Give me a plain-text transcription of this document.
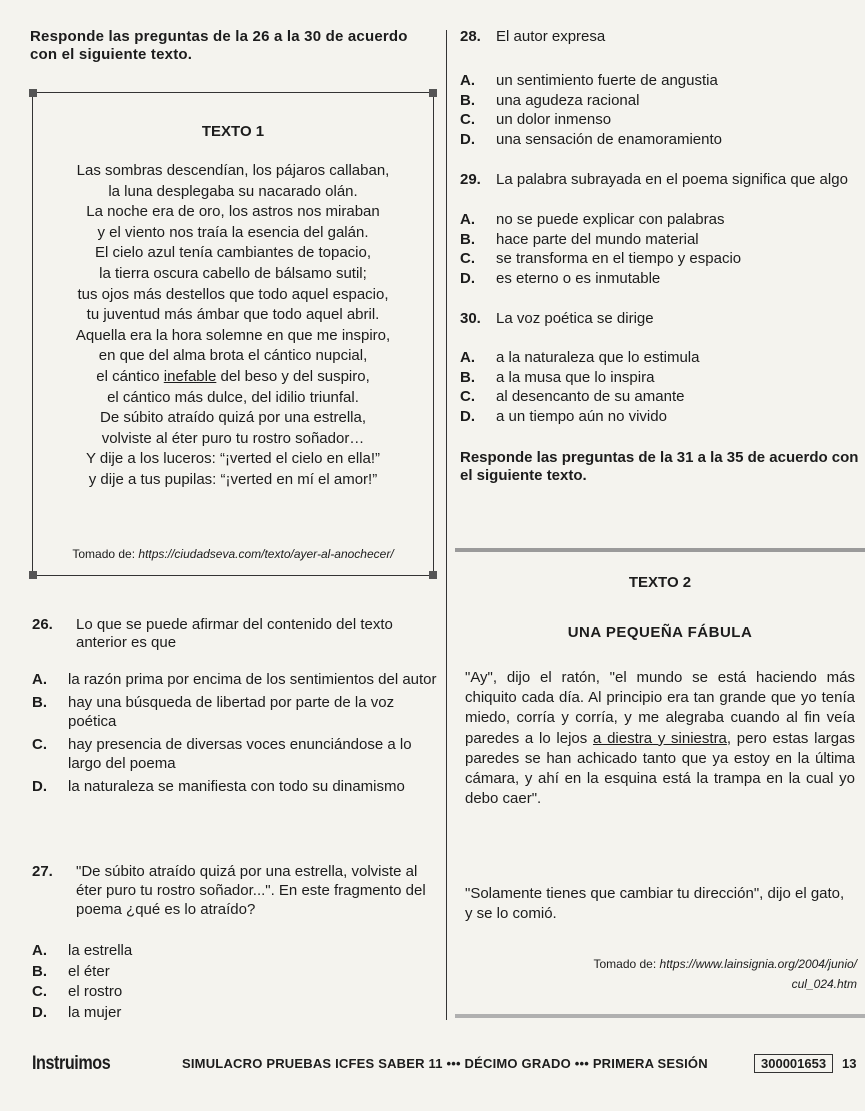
Responde las preguntas de la 26 a la 30 de acuerdo con el siguiente texto.

TEXTO 1

Las sombras descendían, los pájaros callaban,
la luna desplegaba su nacarado olán.
La noche era de oro, los astros nos miraban
y el viento nos traía la esencia del galán.
El cielo azul tenía cambiantes de topacio,
la tierra oscura cabello de bálsamo sutil;
tus ojos más destellos que todo aquel espacio,
tu juventud más ámbar que todo aquel abril.
Aquella era la hora solemne en que me inspiro,
en que del alma brota el cántico nupcial,
el cántico inefable del beso y del suspiro,
el cántico más dulce, del idilio triunfal.
De súbito atraído quizá por una estrella,
volviste al éter puro tu rostro soñador…
Y dije a los luceros: “¡verted el cielo en ella!”
y dije a tus pupilas: “¡verted en mí el amor!”

Tomado de: https://ciudadseva.com/texto/ayer-al-anochecer/

26. Lo que se puede afirmar del contenido del texto anterior es que

A. la razón prima por encima de los sentimientos del autor

B. hay una búsqueda de libertad por parte de la voz poética

C. hay presencia de diversas voces enunciándose a lo largo del poema

D. la naturaleza se manifiesta con todo su dinamismo

27. "De súbito atraído quizá por una estrella, volviste al éter puro tu rostro soñador...". En este fragmento del poema ¿qué es lo atraído?

A. la estrella

B. el éter

C. el rostro

D. la mujer

28. El autor expresa

A. un sentimiento fuerte de angustia

B. una agudeza racional

C. un dolor inmenso

D. una sensación de enamoramiento

29. La palabra subrayada en el poema significa que algo

A. no se puede explicar con palabras

B. hace parte del mundo material

C. se transforma en el tiempo y espacio

D. es eterno o es inmutable

30. La voz poética se dirige

A. a la naturaleza que lo estimula

B. a la musa que lo inspira

C. al desencanto de su amante

D. a un tiempo aún no vivido

Responde las preguntas de la 31 a la 35 de acuerdo con el siguiente texto.

TEXTO 2

UNA PEQUEÑA FÁBULA

"Ay", dijo el ratón, "el mundo se está haciendo más chiquito cada día. Al principio era tan grande que yo tenía miedo, corría y corría, y me alegraba cuando al fin veía paredes a lo lejos a diestra y siniestra, pero estas largas paredes se han achicado tanto que ya estoy en la última cámara, y ahí en la esquina está la trampa en la cual yo debo caer".

"Solamente tienes que cambiar tu dirección", dijo el gato, y se lo comió.

Tomado de: https://www.lainsignia.org/2004/junio/
cul_024.htm
Instruimos	SIMULACRO PRUEBAS ICFES SABER 11 ••• DÉCIMO GRADO ••• PRIMERA SESIÓN	300001653	13
